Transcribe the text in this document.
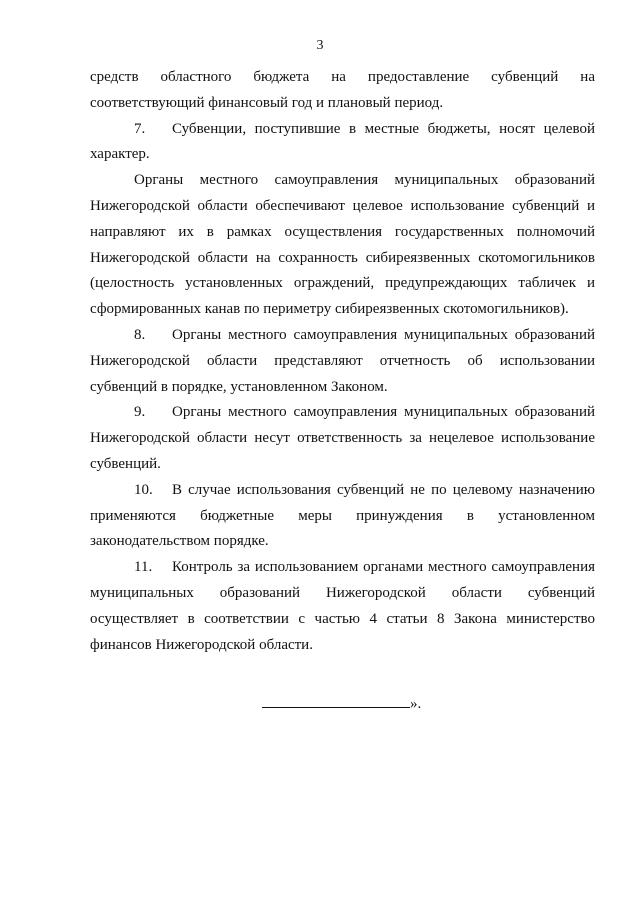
3

средств областного бюджета на предоставление субвенций на соответствующий финансовый год и плановый период.

7. Субвенции, поступившие в местные бюджеты, носят целевой характер.

Органы местного самоуправления муниципальных образований Нижегородской области обеспечивают целевое использование субвенций и направляют их в рамках осуществления государственных полномочий Нижегородской области на сохранность сибиреязвенных скотомогильников (целостность установленных ограждений, предупреждающих табличек и сформированных канав по периметру сибиреязвенных скотомогильников).

8. Органы местного самоуправления муниципальных образований Нижегородской области представляют отчетность об использовании субвенций в порядке, установленном Законом.

9. Органы местного самоуправления муниципальных образований Нижегородской области несут ответственность за нецелевое использование субвенций.

10. В случае использования субвенций не по целевому назначению применяются бюджетные меры принуждения в установленном законодательством порядке.

11. Контроль за использованием органами местного самоуправления муниципальных образований Нижегородской области субвенций осуществляет в соответствии с частью 4 статьи 8 Закона министерство финансов Нижегородской области.

».
